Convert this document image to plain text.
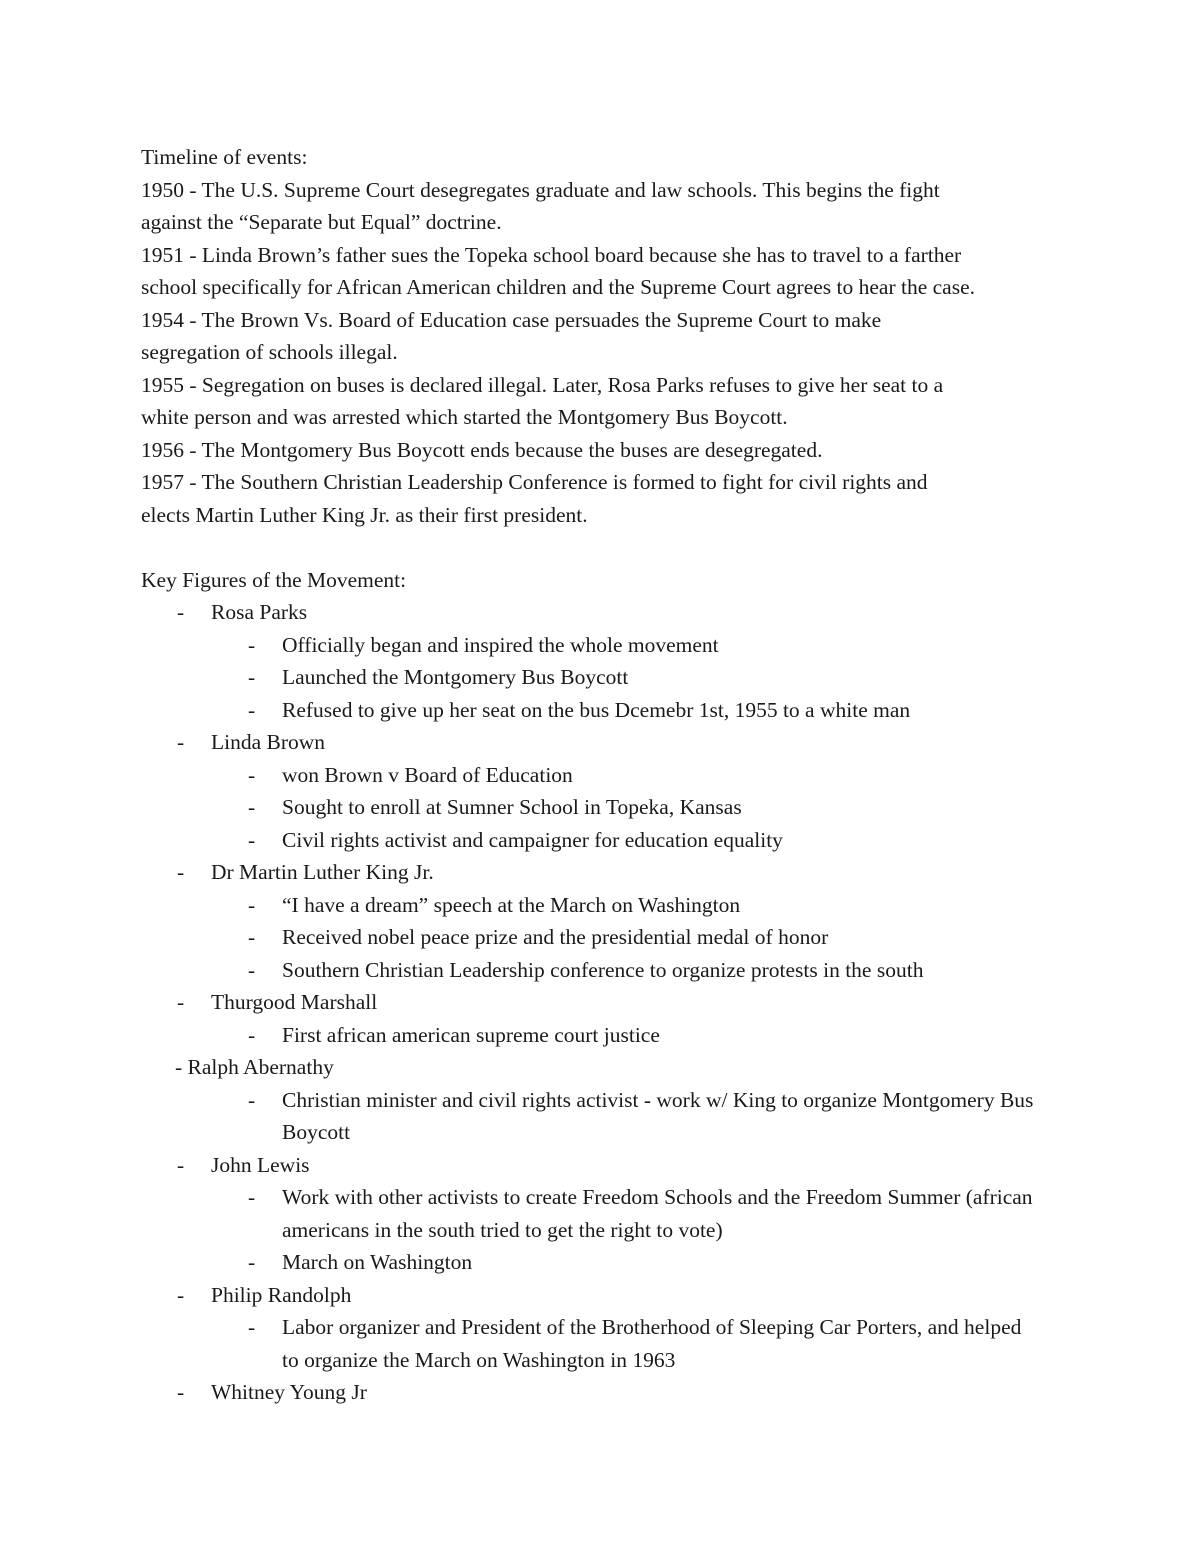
Timeline of events:
1950 - The U.S. Supreme Court desegregates graduate and law schools. This begins the fight
against the “Separate but Equal” doctrine.
1951 - Linda Brown’s father sues the Topeka school board because she has to travel to a farther
school specifically for African American children and the Supreme Court agrees to hear the case.
1954 - The Brown Vs. Board of Education case persuades the Supreme Court to make
segregation of schools illegal.
1955 - Segregation on buses is declared illegal. Later, Rosa Parks refuses to give her seat to a
white person and was arrested which started the Montgomery Bus Boycott.
1956 - The Montgomery Bus Boycott ends because the buses are desegregated.
1957 - The Southern Christian Leadership Conference is formed to fight for civil rights and
elects Martin Luther King Jr. as their first president.
Key Figures of the Movement:
-	Rosa Parks
-	Officially began and inspired the whole movement
-	Launched the Montgomery Bus Boycott
-	Refused to give up her seat on the bus Dcemebr 1st, 1955 to a white man
-	Linda Brown
-	won Brown v Board of Education
-	Sought to enroll at Sumner School in Topeka, Kansas
-	Civil rights activist and campaigner for education equality
-	Dr Martin Luther King Jr.
-	“I have a dream” speech at the March on Washington
-	Received nobel peace prize and the presidential medal of honor
-	Southern Christian Leadership conference to organize protests in the south
-	Thurgood Marshall
-	First african american supreme court justice
- Ralph Abernathy
-	Christian minister and civil rights activist - work w/ King to organize Montgomery Bus Boycott
-	John Lewis
-	Work with other activists to create Freedom Schools and the Freedom Summer (african americans in the south tried to get the right to vote)
-	March on Washington
-	Philip Randolph
-	Labor organizer and President of the Brotherhood of Sleeping Car Porters, and helped to organize the March on Washington in 1963
-	Whitney Young Jr
